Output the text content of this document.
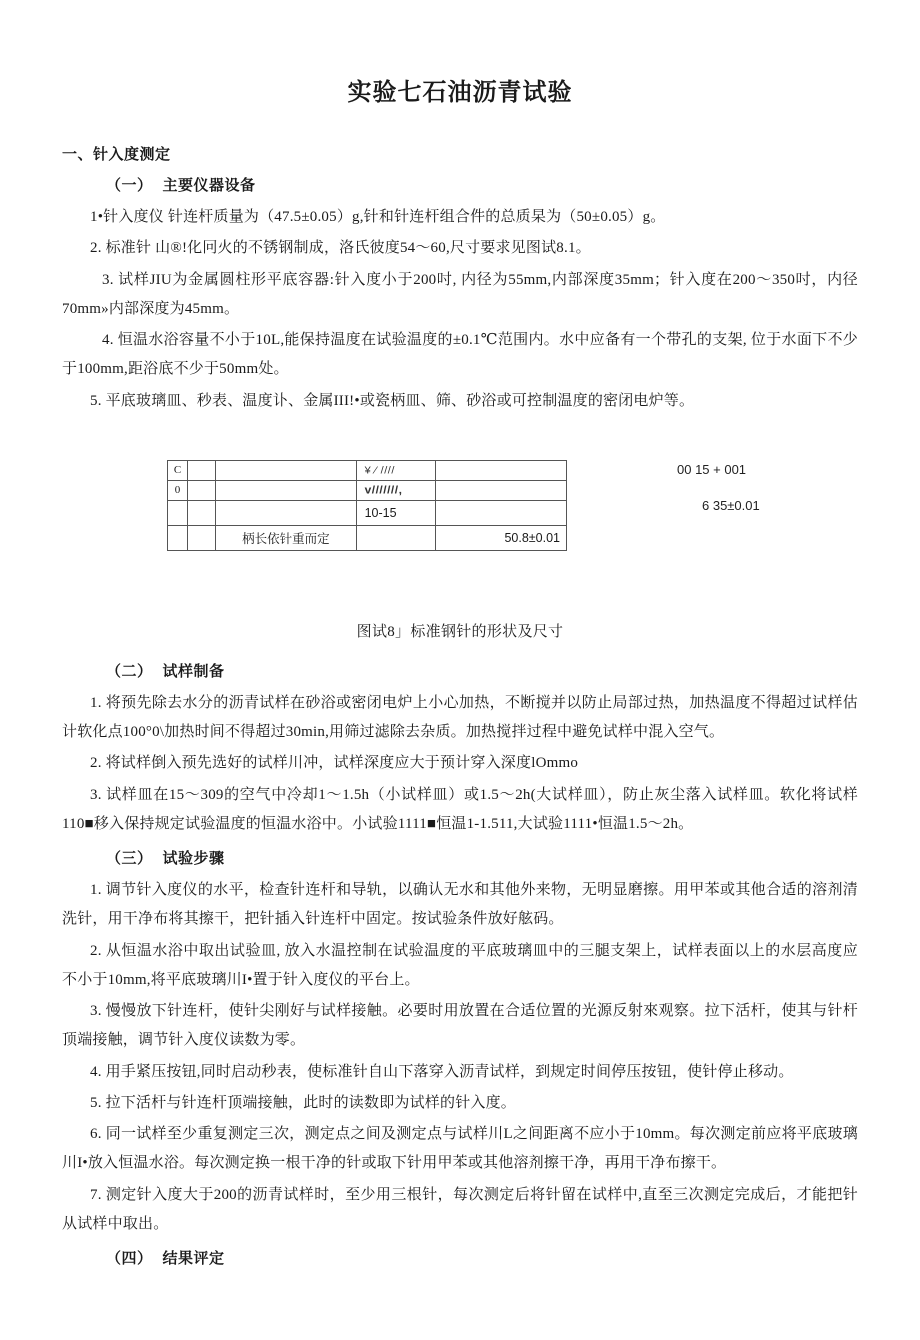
实验七石油沥青试验
一、针入度测定
（一） 主要仪器设备

1•针入度仪 针连杆质量为（47.5±0.05）g,针和针连杆组合件的总质杲为（50±0.05）g。

2. 标准针 山®!化冋火的不锈钢制成，洛氏彼度54〜60,尺寸要求见图试8.1。

3. 试样JIU为金属圆柱形平底容器:针入度小于200吋, 内径为55mm,内部深度35mm；针入度在200〜350吋，内径70mm»内部深度为45mm。

4. 恒温水浴容量不小于10L,能保持温度在试验温度的±0.1℃范围内。水中应备有一个带孔的支架, 位于水面下不少于100mm,距浴底不少于50mm处。

5. 平底玻璃皿、秒表、温度讣、金属III!•或瓷柄皿、筛、砂浴或可控制温度的密闭电炉等。

C			¥ ⁄ ////	
0			v///////,	
			10-15	
		柄长依针重而定		50.8±0.01
00 15 + 001
6 35±0.01
图试8」标准钢针的形状及尺寸
（二） 试样制备

1. 将预先除去水分的沥青试样在砂浴或密闭电炉上小心加热，不断搅并以防止局部过热，加热温度不得超过试样估计软化点100°0\加热时间不得超过30min,用筛过滤除去杂质。加热搅拌过程中避免试样中混入空气。

2. 将试样倒入预先选好的试样川冲，试样深度应大于预计穿入深度lOmmo

3. 试样皿在15〜309的空气中冷却1〜1.5h（小试样皿）或1.5〜2h(大试样皿），防止灰尘落入试样皿。软化将试样110■移入保持规定试验温度的恒温水浴中。小试验1111■恒温1-1.511,大试验1111•恒温1.5〜2h。

（三） 试验步骤

1. 调节针入度仪的水平，检查针连杆和导轨，以确认无水和其他外来物，无明显磨擦。用甲苯或其他合适的溶剂清洗针，用干净布将其擦干，把针插入针连杆中固定。按试验条件放好舷码。

2. 从恒温水浴中取出试验皿, 放入水温控制在试验温度的平底玻璃皿中的三腿支架上，试样表面以上的水层高度应不小于10mm,将平底玻璃川I•置于针入度仪的平台上。

3. 慢慢放下针连杆，使针尖刚好与试样接触。必要时用放置在合适位置的光源反射來观察。拉下活杆，使其与针杆顶端接触，调节针入度仪读数为零。

4. 用手紧压按钮,同时启动秒表，使标准针自山下落穿入沥青试样，到规定时间停压按钮，使针停止移动。

5. 拉下活杆与针连杆顶端接触，此时的读数即为试样的针入度。

6. 同一试样至少重复测定三次，测定点之间及测定点与试样川L之间距离不应小于10mm。每次测定前应将平底玻璃川I•放入恒温水浴。每次测定换一根干净的针或取下针用甲苯或其他溶剂擦干净，再用干净布擦干。

7. 测定针入度大于200的沥青试样时，至少用三根针，每次测定后将针留在试样中,直至三次测定完成后，才能把针从试样中取出。

（四） 结果评定
